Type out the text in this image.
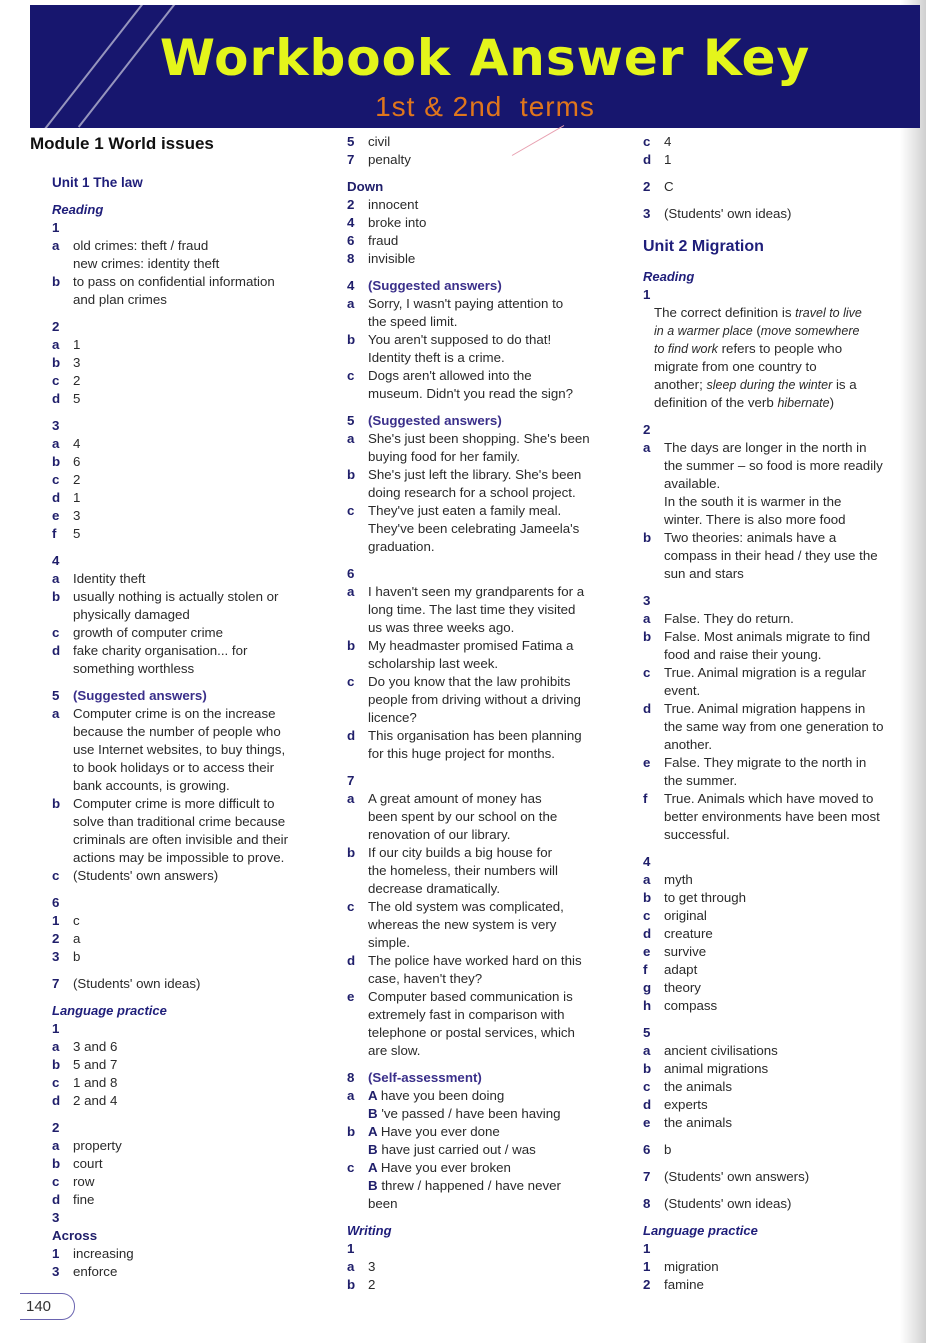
Workbook Answer Key
1st & 2nd  terms
Module 1 World issues
Unit 1 The law
Reading
1
a old crimes: theft / fraud
new crimes: identity theft
b to pass on confidential information
and plan crimes
2
a 1
b 3
c 2
d 5
3
a 4
b 6
c 2
d 1
e 3
f 5
4
a Identity theft
b usually nothing is actually stolen or
physically damaged
c growth of computer crime
d fake charity organisation... for
something worthless
5 (Suggested answers)
a Computer crime is on the increase
because the number of people who
use Internet websites, to buy things,
to book holidays or to access their
bank accounts, is growing.
b Computer crime is more difficult to
solve than traditional crime because
criminals are often invisible and their
actions may be impossible to prove.
c (Students' own answers)
6
1 c
2 a
3 b
7 (Students' own ideas)
Language practice
1
a 3 and 6
b 5 and 7
c 1 and 8
d 2 and 4
2
a property
b court
c row
d fine
3
Across
1 increasing
3 enforce
5 civil
7 penalty
Down
2 innocent
4 broke into
6 fraud
8 invisible
4 (Suggested answers)
a Sorry, I wasn't paying attention to
the speed limit.
b You aren't supposed to do that!
Identity theft is a crime.
c Dogs aren't allowed into the
museum. Didn't you read the sign?
5 (Suggested answers)
a She's just been shopping. She's been
buying food for her family.
b She's just left the library. She's been
doing research for a school project.
c They've just eaten a family meal.
They've been celebrating Jameela's
graduation.
6
a I haven't seen my grandparents for a
long time. The last time they visited
us was three weeks ago.
b My headmaster promised Fatima a
scholarship last week.
c Do you know that the law prohibits
people from driving without a driving
licence?
d This organisation has been planning
for this huge project for months.
7
a A great amount of money has
been spent by our school on the
renovation of our library.
b If our city builds a big house for
the homeless, their numbers will
decrease dramatically.
c The old system was complicated,
whereas the new system is very
simple.
d The police have worked hard on this
case, haven't they?
e Computer based communication is
extremely fast in comparison with
telephone or postal services, which
are slow.
8 (Self-assessment)
a A have you been doing
B 've passed / have been having
b A Have you ever done
B have just carried out / was
c A Have you ever broken
B threw / happened / have never
been
Writing
1
a 3
b 2
c 4
d 1
2 C
3 (Students' own ideas)
Unit 2 Migration
Reading
1
The correct definition is travel to live
in a warmer place (move somewhere
to find work refers to people who
migrate from one country to
another; sleep during the winter is a
definition of the verb hibernate)
2
a The days are longer in the north in
the summer – so food is more readily
available.
In the south it is warmer in the
winter. There is also more food
b Two theories: animals have a
compass in their head / they use the
sun and stars
3
a False. They do return.
b False. Most animals migrate to find
food and raise their young.
c True. Animal migration is a regular
event.
d True. Animal migration happens in
the same way from one generation to
another.
e False. They migrate to the north in
the summer.
f True. Animals which have moved to
better environments have been most
successful.
4
a myth
b to get through
c original
d creature
e survive
f adapt
g theory
h compass
5
a ancient civilisations
b animal migrations
c the animals
d experts
e the animals
6 b
7 (Students' own answers)
8 (Students' own ideas)
Language practice
1
1 migration
2 famine
140
